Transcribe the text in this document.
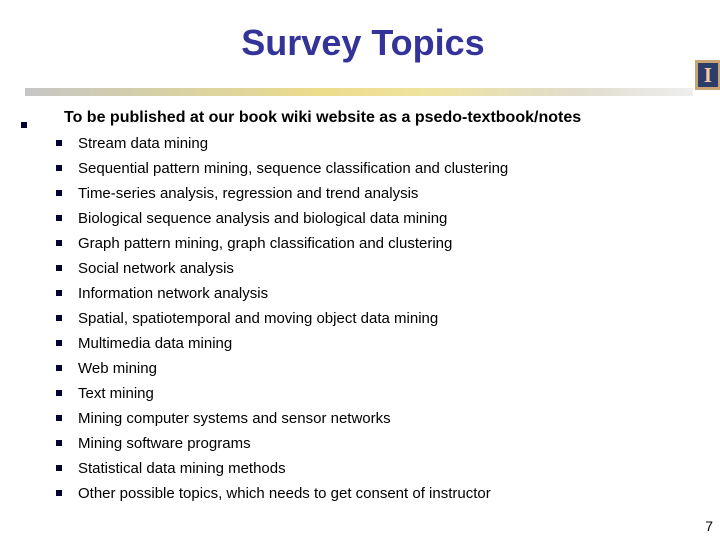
Survey Topics
I

To be published at our book wiki website as a psedo-textbook/notes

Stream data mining
Sequential pattern mining, sequence classification and clustering
Time-series analysis, regression and trend analysis
Biological sequence analysis and biological data mining
Graph pattern mining, graph classification and clustering
Social network analysis
Information network analysis
Spatial, spatiotemporal and moving object data mining
Multimedia data mining
Web mining
Text mining
Mining computer systems and sensor networks
Mining software programs
Statistical data mining methods
Other possible topics, which needs to get consent of instructor
7
